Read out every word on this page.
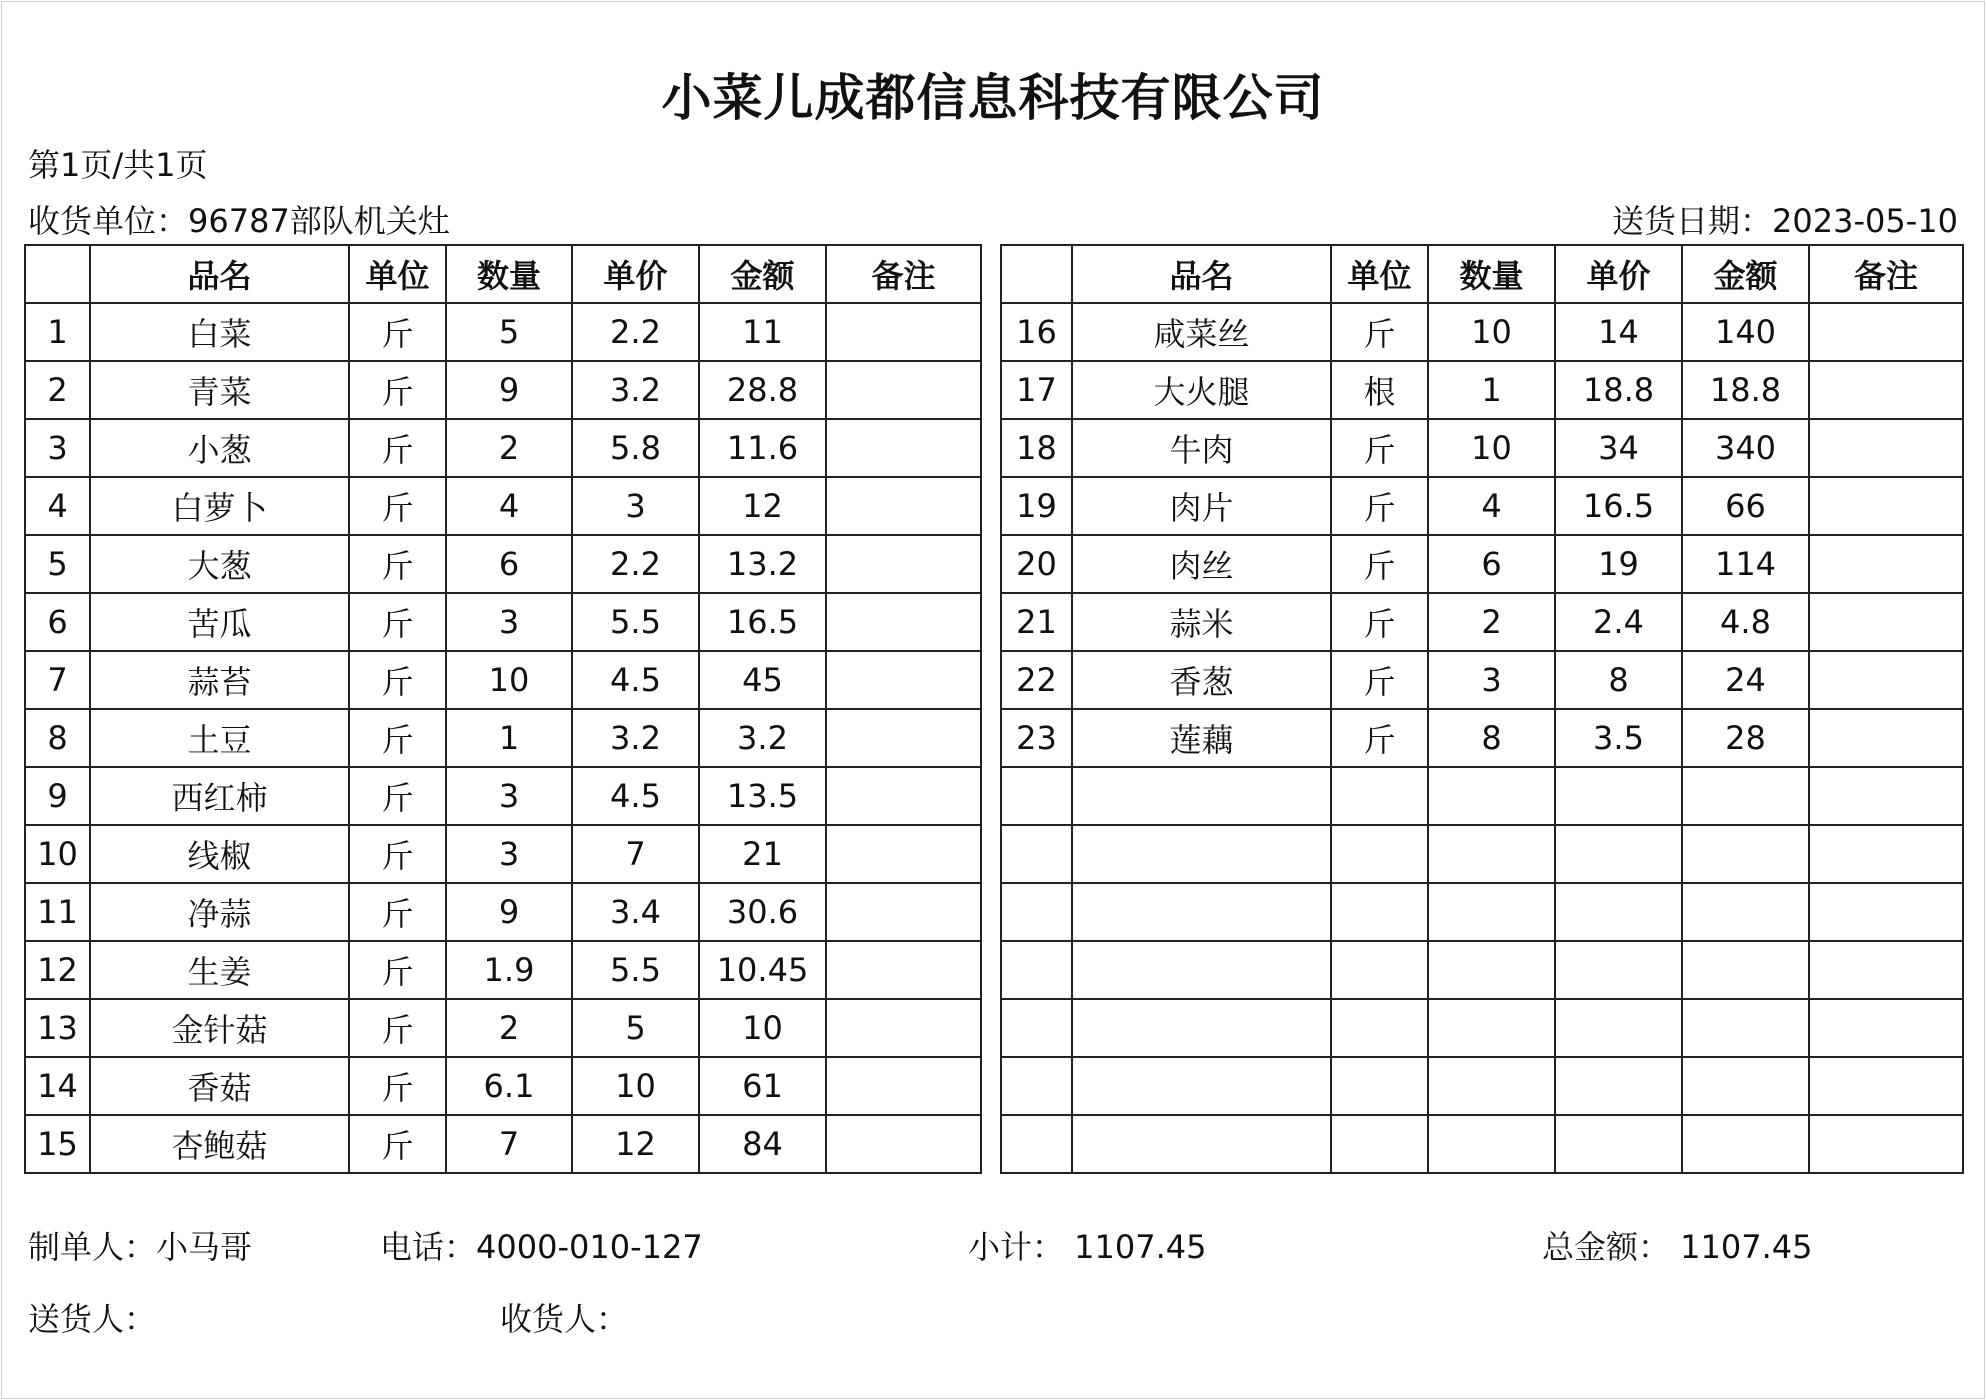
小菜儿成都信息科技有限公司
第1页/共1页
收货单位：96787部队机关灶	送货日期：2023-05-10
	品名	单位	数量	单价	金额	备注
1	白菜	斤	5	2.2	11	
2	青菜	斤	9	3.2	28.8	
3	小葱	斤	2	5.8	11.6	
4	白萝卜	斤	4	3	12	
5	大葱	斤	6	2.2	13.2	
6	苦瓜	斤	3	5.5	16.5	
7	蒜苔	斤	10	4.5	45	
8	土豆	斤	1	3.2	3.2	
9	西红柿	斤	3	4.5	13.5	
10	线椒	斤	3	7	21	
11	净蒜	斤	9	3.4	30.6	
12	生姜	斤	1.9	5.5	10.45	
13	金针菇	斤	2	5	10	
14	香菇	斤	6.1	10	61	
15	杏鲍菇	斤	7	12	84	
	品名	单位	数量	单价	金额	备注
16	咸菜丝	斤	10	14	140	
17	大火腿	根	1	18.8	18.8	
18	牛肉	斤	10	34	340	
19	肉片	斤	4	16.5	66	
20	肉丝	斤	6	19	114	
21	蒜米	斤	2	2.4	4.8	
22	香葱	斤	3	8	24	
23	莲藕	斤	8	3.5	28	

制单人：小马哥	电话：4000-010-127	小计： 1107.45	总金额： 1107.45
送货人：	收货人：
